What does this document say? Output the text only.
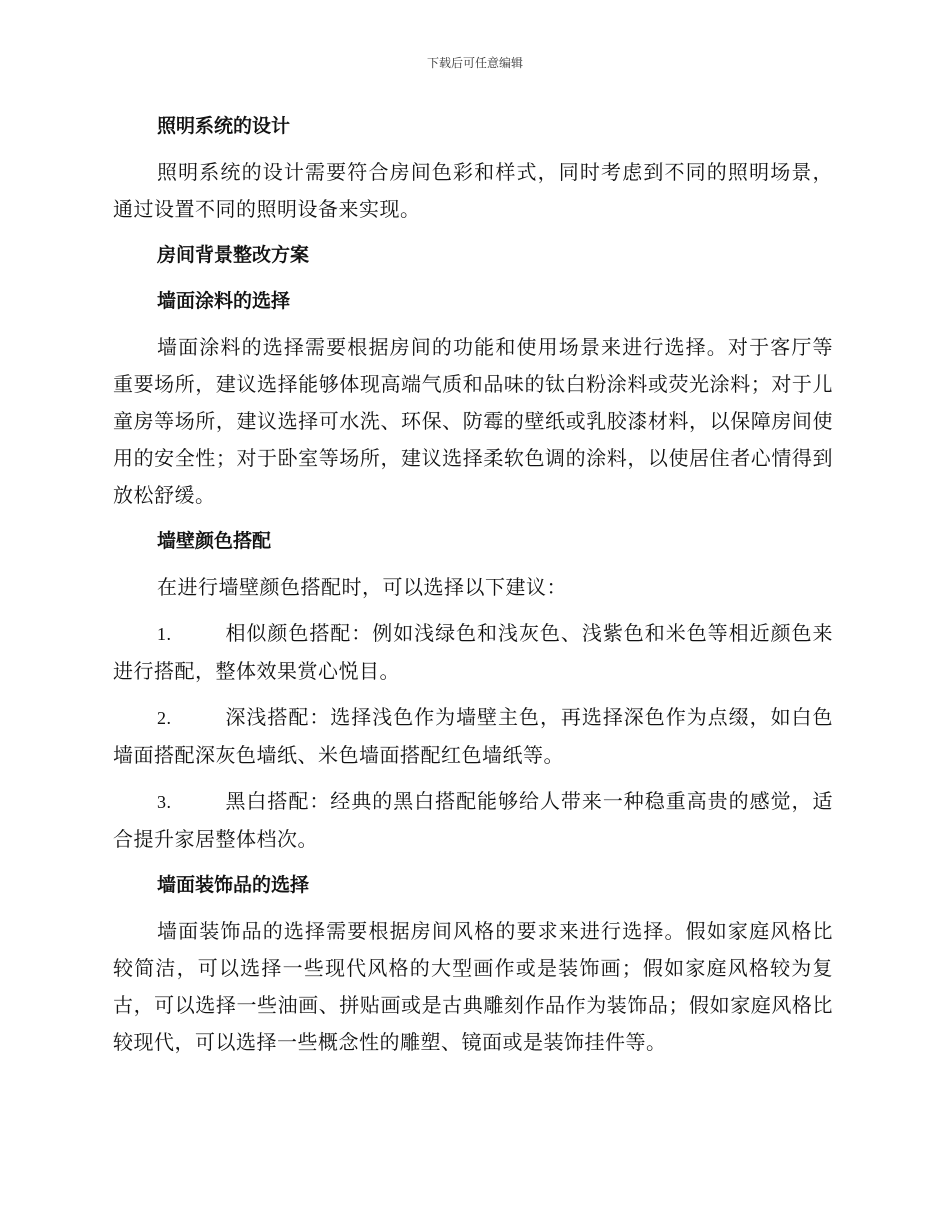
下载后可任意编辑
照明系统的设计
照明系统的设计需要符合房间色彩和样式，同时考虑到不同的照明场景，通过设置不同的照明设备来实现。
房间背景整改方案
墙面涂料的选择
墙面涂料的选择需要根据房间的功能和使用场景来进行选择。对于客厅等重要场所，建议选择能够体现高端气质和品味的钛白粉涂料或荧光涂料；对于儿童房等场所，建议选择可水洗、环保、防霉的壁纸或乳胶漆材料，以保障房间使用的安全性；对于卧室等场所，建议选择柔软色调的涂料，以使居住者心情得到放松舒缓。
墙壁颜色搭配
在进行墙壁颜色搭配时，可以选择以下建议：
1.	相似颜色搭配：例如浅绿色和浅灰色、浅紫色和米色等相近颜色来进行搭配，整体效果赏心悦目。
2.	深浅搭配：选择浅色作为墙壁主色，再选择深色作为点缀，如白色墙面搭配深灰色墙纸、米色墙面搭配红色墙纸等。
3.	黑白搭配：经典的黑白搭配能够给人带来一种稳重高贵的感觉，适合提升家居整体档次。
墙面装饰品的选择
墙面装饰品的选择需要根据房间风格的要求来进行选择。假如家庭风格比较简洁，可以选择一些现代风格的大型画作或是装饰画；假如家庭风格较为复古，可以选择一些油画、拼贴画或是古典雕刻作品作为装饰品；假如家庭风格比较现代，可以选择一些概念性的雕塑、镜面或是装饰挂件等。
